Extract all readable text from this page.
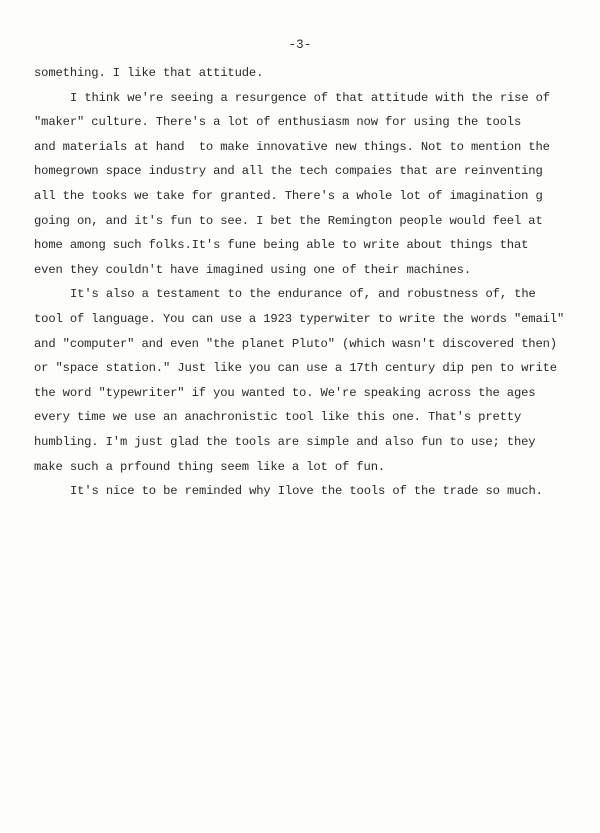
-3-
something. I like that attitude.
I think we're seeing a resurgence of that attitude with the rise of
"maker" culture. There's a lot of enthusiasm now for using the tools
and materials at hand  to make innovative new things. Not to mention the
homegrown space industry and all the tech compaies that are reinventing
all the tooks we take for granted. There's a whole lot of imagination g
going on, and it's fun to see. I bet the Remington people would feel at
home among such folks.It's fune being able to write about things that
even they couldn't have imagined using one of their machines.
It's also a testament to the endurance of, and robustness of, the
tool of language. You can use a 1923 typerwiter to write the words "email"
and "computer" and even "the planet Pluto" (which wasn't discovered then)
or "space station." Just like you can use a 17th century dip pen to write
the word "typewriter" if you wanted to. We're speaking across the ages
every time we use an anachronistic tool like this one. That's pretty
humbling. I'm just glad the tools are simple and also fun to use; they
make such a prfound thing seem like a lot of fun.
It's nice to be reminded why Ilove the tools of the trade so much.
